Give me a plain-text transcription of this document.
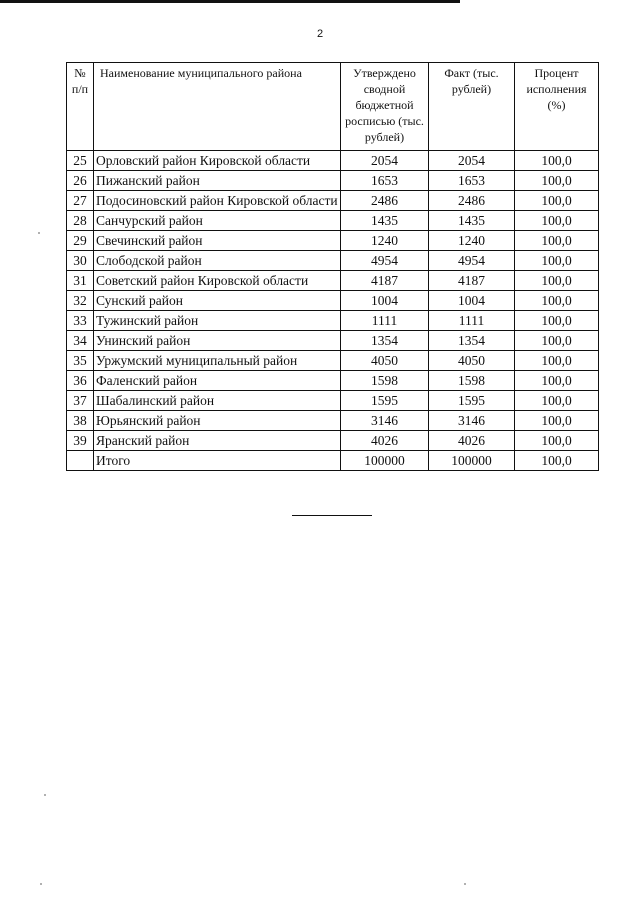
2
№ п/п	Наименование муниципального района	Утверждено сводной бюджетной росписью (тыс. рублей)	Факт (тыс. рублей)	Процент исполнения (%)
25	Орловский район Кировской области	2054	2054	100,0
26	Пижанский район	1653	1653	100,0
27	Подосиновский район Кировской области	2486	2486	100,0
28	Санчурский район	1435	1435	100,0
29	Свечинский район	1240	1240	100,0
30	Слободской район	4954	4954	100,0
31	Советский район Кировской области	4187	4187	100,0
32	Сунский район	1004	1004	100,0
33	Тужинский район	1111	1111	100,0
34	Унинский район	1354	1354	100,0
35	Уржумский муниципальный район	4050	4050	100,0
36	Фаленский район	1598	1598	100,0
37	Шабалинский район	1595	1595	100,0
38	Юрьянский район	3146	3146	100,0
39	Яранский район	4026	4026	100,0
	Итого	100000	100000	100,0
